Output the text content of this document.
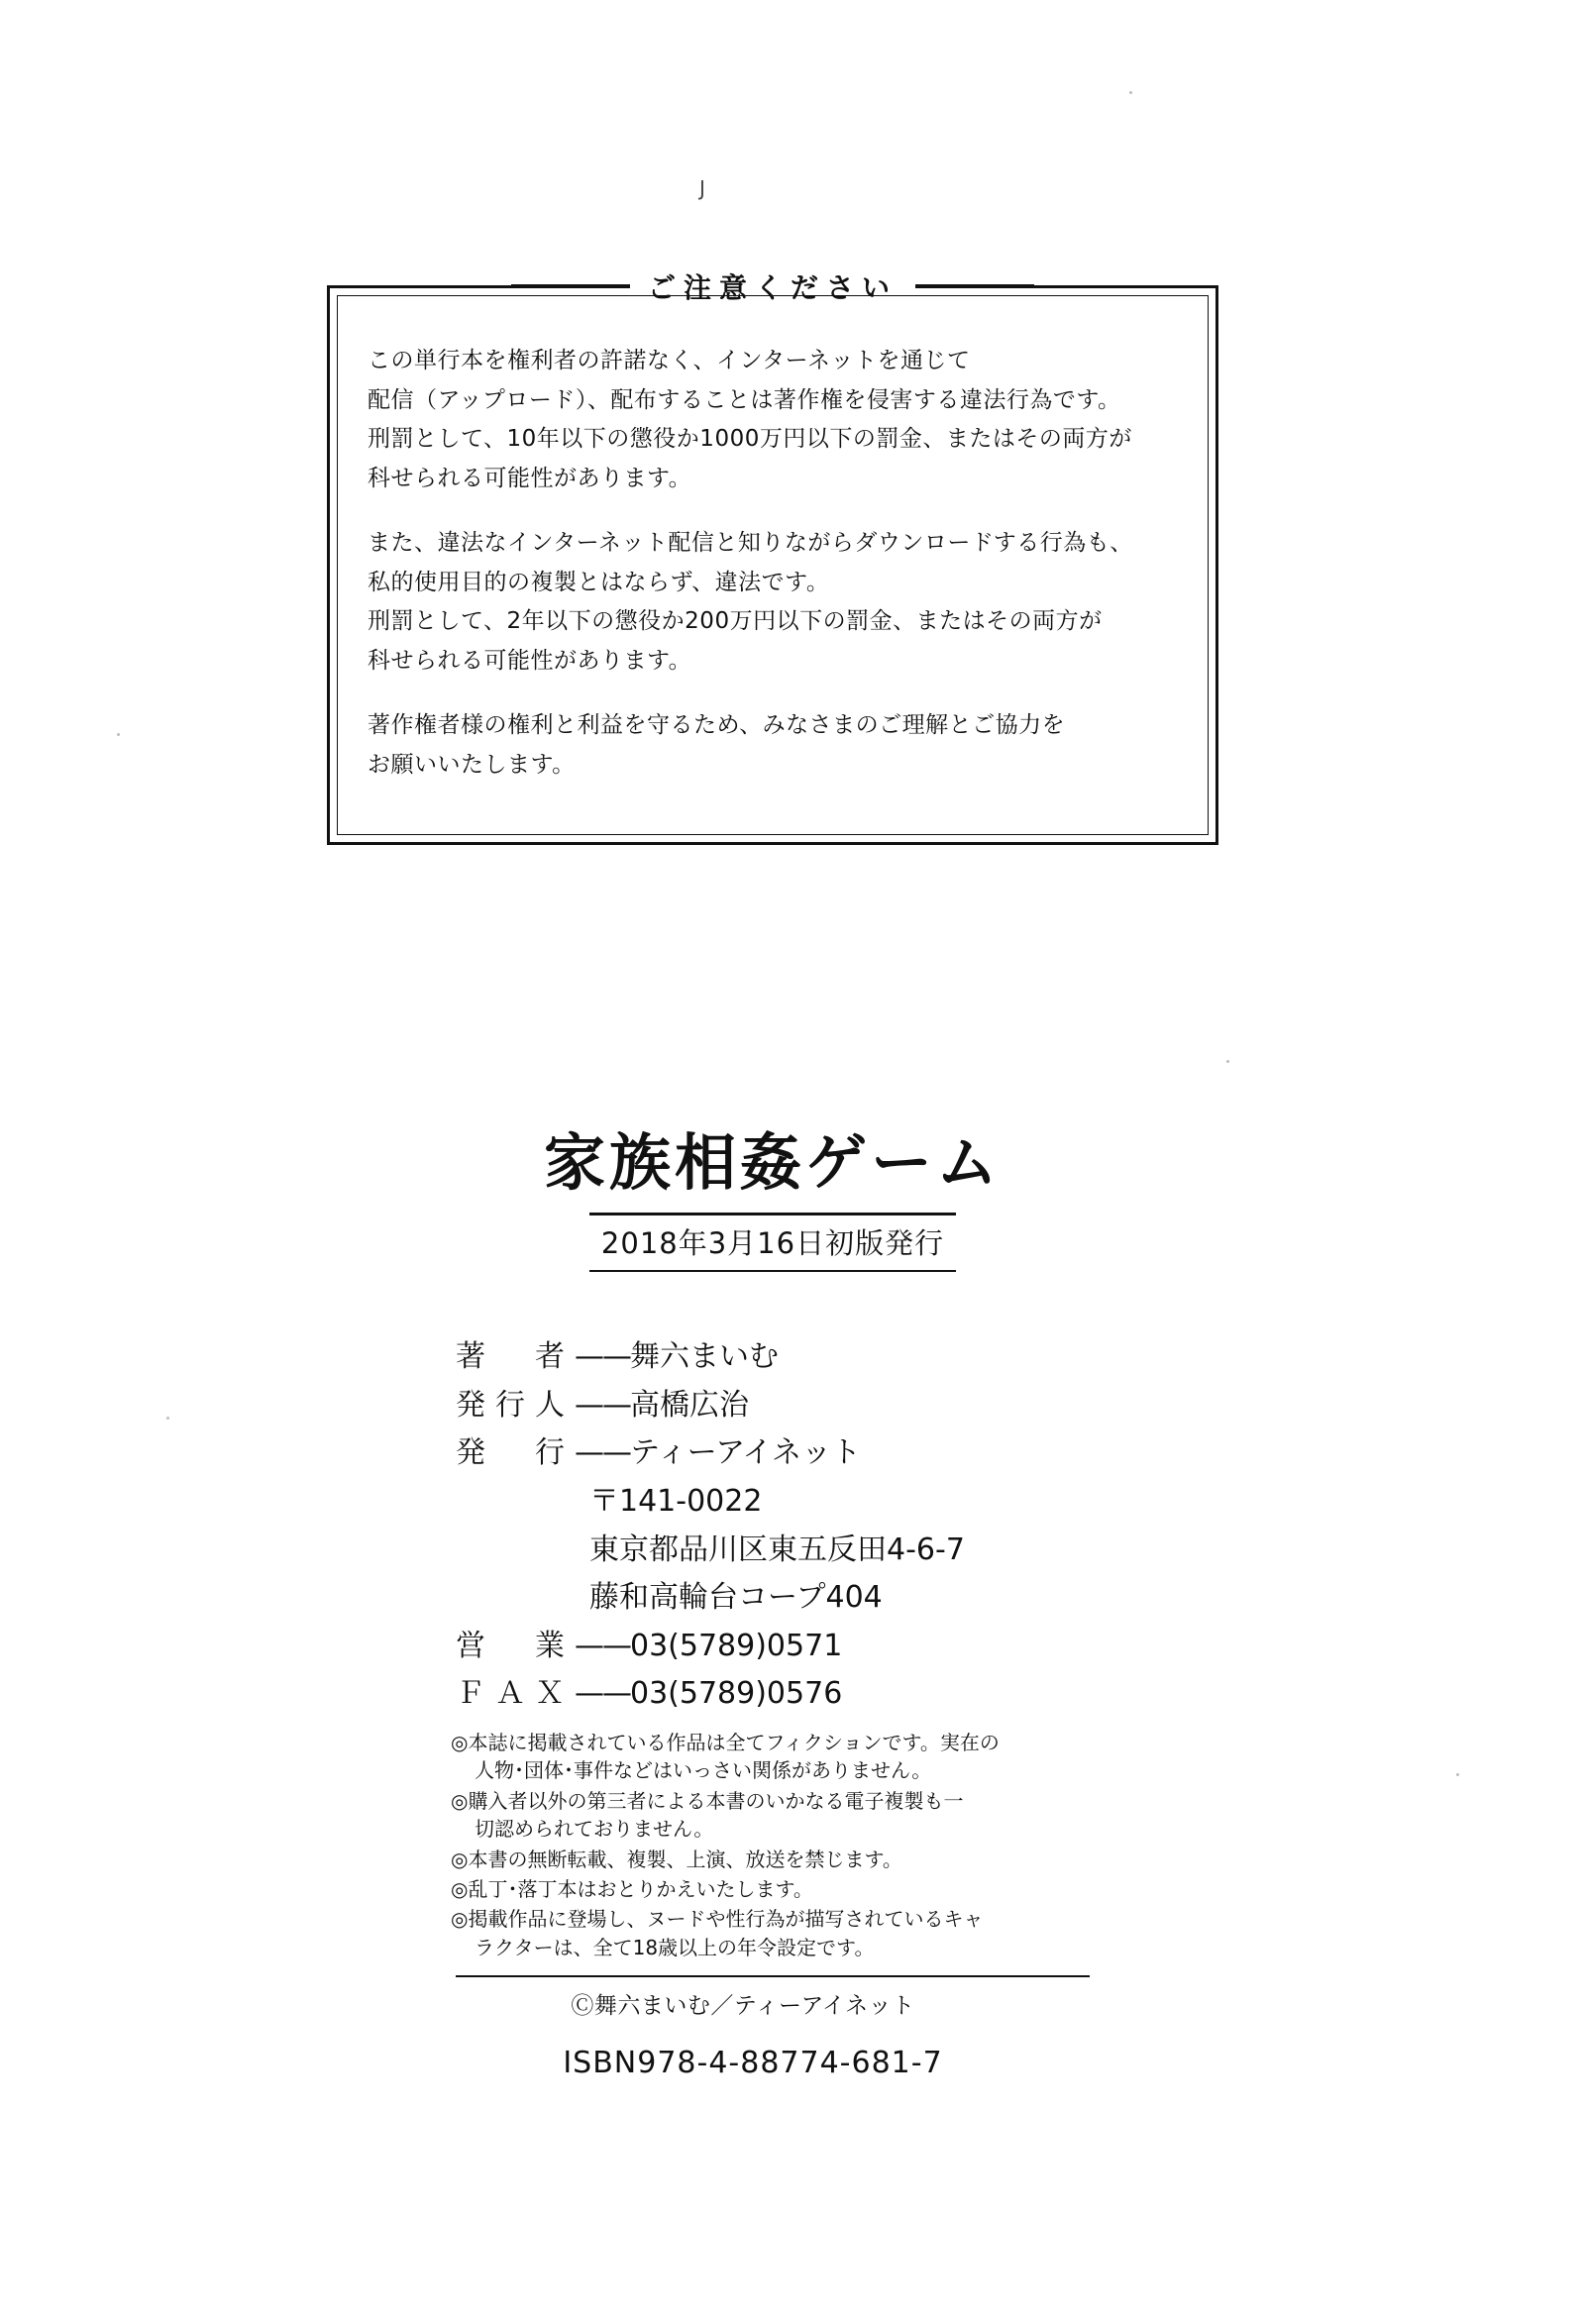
J
ご注意ください

この単行本を権利者の許諾なく、インターネットを通じて
配信（アップロード）、配布することは著作権を侵害する違法行為です。
刑罰として、10年以下の懲役か1000万円以下の罰金、またはその両方が
科せられる可能性があります。

また、違法なインターネット配信と知りながらダウンロードする行為も、
私的使用目的の複製とはならず、違法です。
刑罰として、2年以下の懲役か200万円以下の罰金、またはその両方が
科せられる可能性があります。

著作権者様の権利と利益を守るため、みなさまのご理解とご協力を
お願いいたします。

家族相姦ゲーム
2018年3月16日初版発行
著　者——舞六まいむ
発行人——高橋広治
発　行——ティーアイネット
〒141-0022
東京都品川区東五反田4-6-7
藤和高輪台コープ404
営　業——03(5789)0571
ＦＡＸ——03(5789)0576
◎本誌に掲載されている作品は全てフィクションです。実在の
人物･団体･事件などはいっさい関係がありません。
◎購入者以外の第三者による本書のいかなる電子複製も一
切認められておりません。
◎本書の無断転載、複製、上演、放送を禁じます。
◎乱丁･落丁本はおとりかえいたします。
◎掲載作品に登場し、ヌードや性行為が描写されているキャ
ラクターは、全て18歳以上の年令設定です。
Ⓒ舞六まいむ／ティーアイネット
ISBN978-4-88774-681-7
